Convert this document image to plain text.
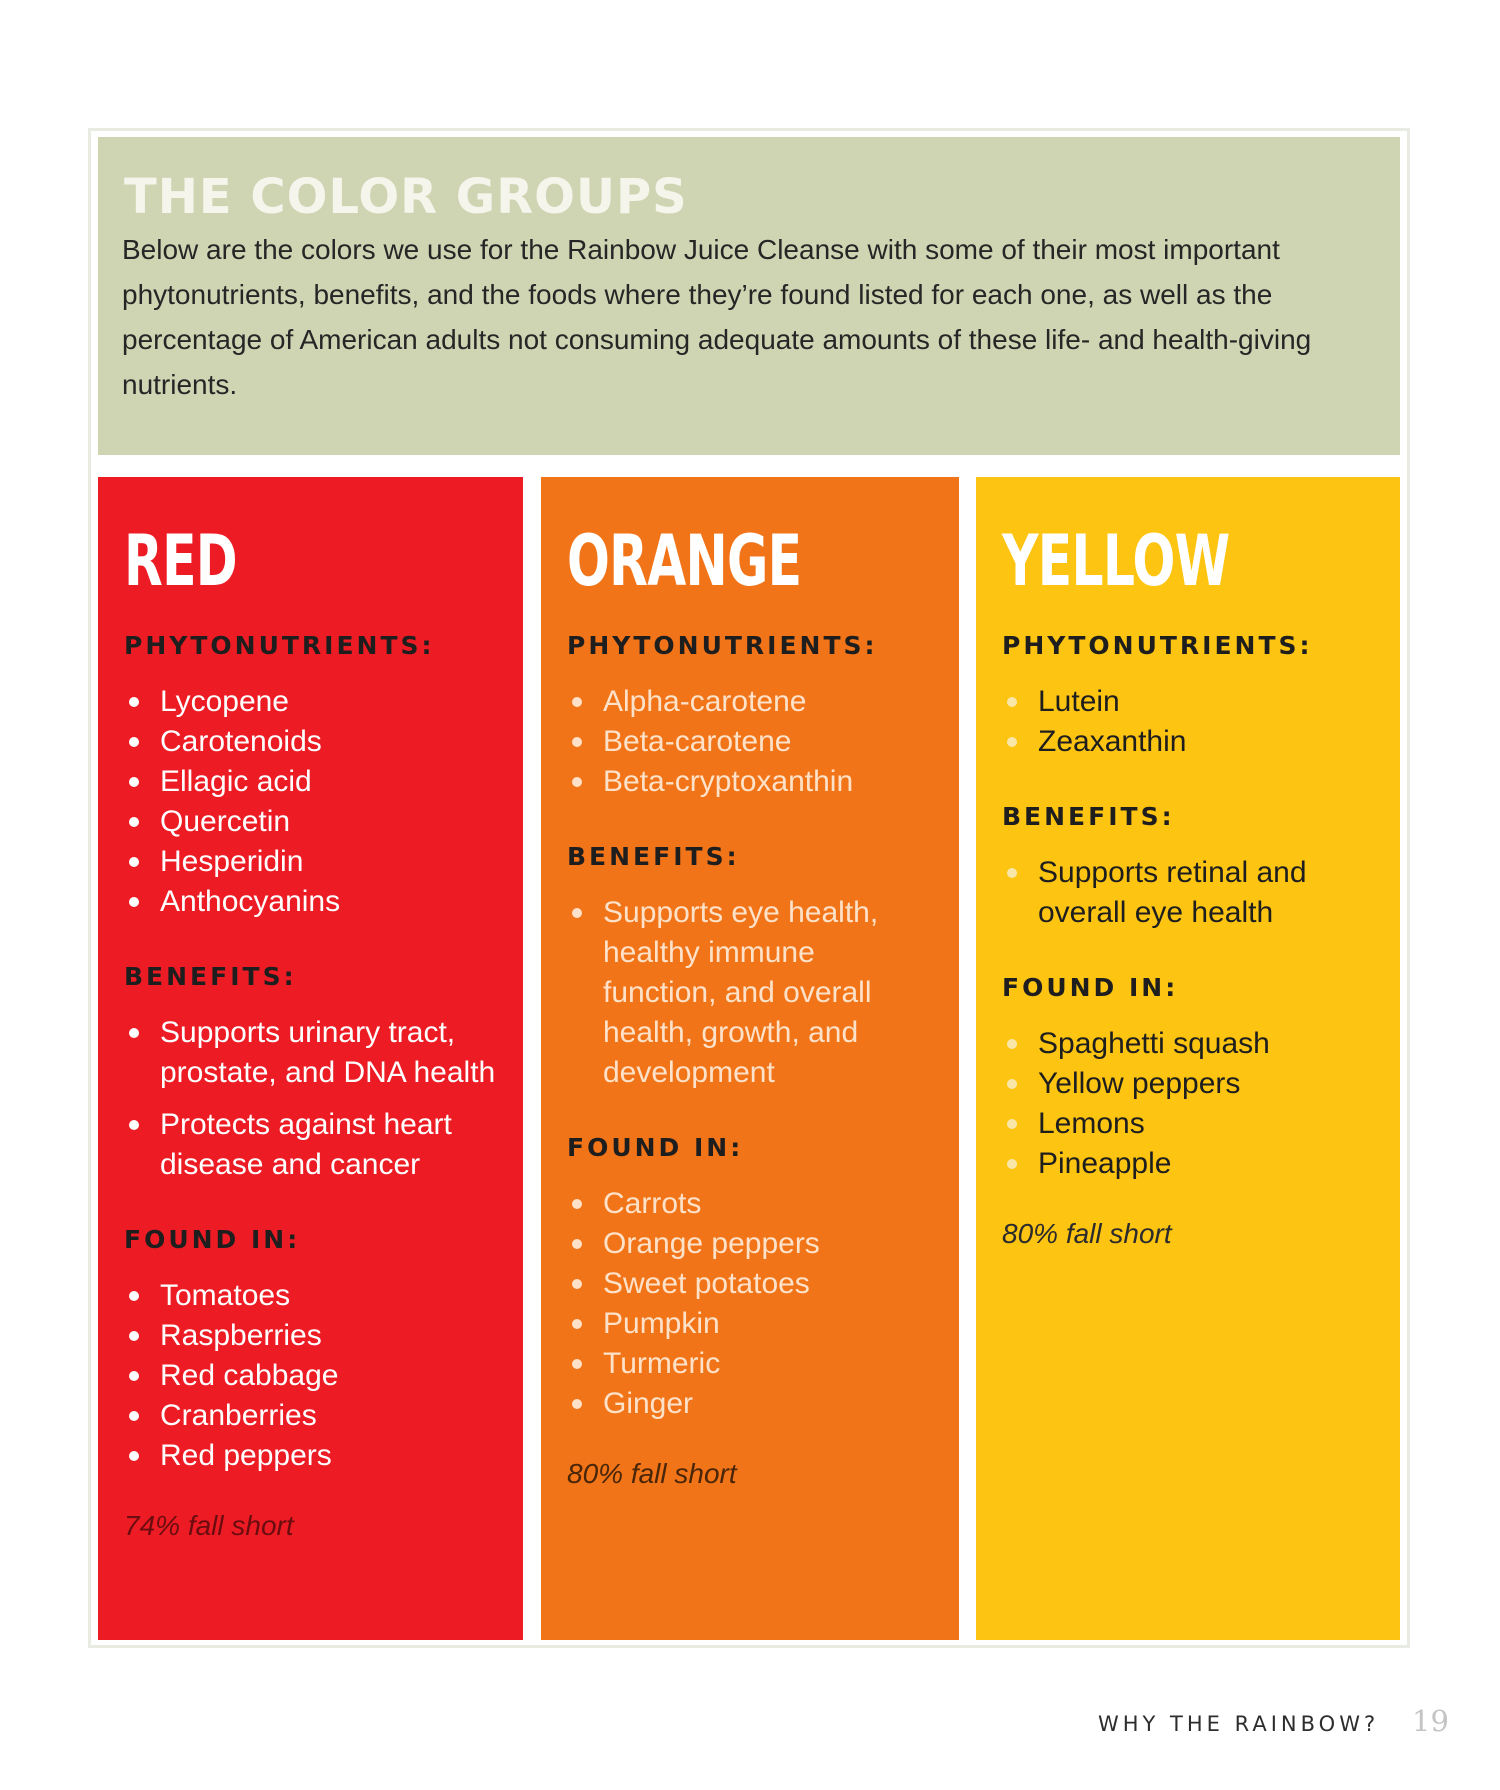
THE COLOR GROUPS
Below are the colors we use for the Rainbow Juice Cleanse with some of their most important phytonutrients, benefits, and the foods where they’re found listed for each one, as well as the percentage of American adults not consuming adequate amounts of these life- and health-giving nutrients.
RED
PHYTONUTRIENTS:
Lycopene
Carotenoids
Ellagic acid
Quercetin
Hesperidin
Anthocyanins
BENEFITS:
Supports urinary tract, prostate, and DNA health
Protects against heart disease and cancer
FOUND IN:
Tomatoes
Raspberries
Red cabbage
Cranberries
Red peppers
74% fall short
ORANGE
PHYTONUTRIENTS:
Alpha-carotene
Beta-carotene
Beta-cryptoxanthin
BENEFITS:
Supports eye health, healthy immune function, and overall health, growth, and development
FOUND IN:
Carrots
Orange peppers
Sweet potatoes
Pumpkin
Turmeric
Ginger
80% fall short
YELLOW
PHYTONUTRIENTS:
Lutein
Zeaxanthin
BENEFITS:
Supports retinal and overall eye health
FOUND IN:
Spaghetti squash
Yellow peppers
Lemons
Pineapple
80% fall short
WHY THE RAINBOW? 19
